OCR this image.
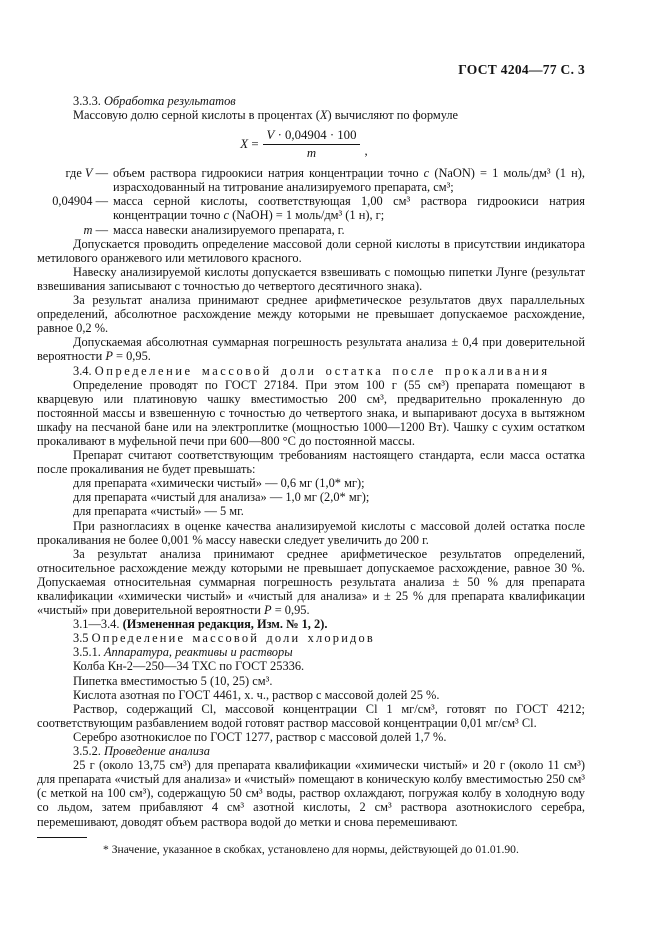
ГОСТ 4204—77 С. 3
3.3.3. Обработка результатов
Массовую долю серной кислоты в процентах (X) вычисляют по формуле
$X = \frac{V \cdot 0,04904 \cdot 100}{m}$ ,
где V — объем раствора гидроокиси натрия концентрации точно c (NaON) = 1 моль/дм³ (1 н), израсходованный на титрование анализируемого препарата, см³;
0,04904 — масса серной кислоты, соответствующая 1,00 см³ раствора гидроокиси натрия концентрации точно c (NaOH) = 1 моль/дм³ (1 н), г;
m — масса навески анализируемого препарата, г.
Допускается проводить определение массовой доли серной кислоты в присутствии индикатора метилового оранжевого или метилового красного.
Навеску анализируемой кислоты допускается взвешивать с помощью пипетки Лунге (результат взвешивания записывают с точностью до четвертого десятичного знака).
За результат анализа принимают среднее арифметическое результатов двух параллельных определений, абсолютное расхождение между которыми не превышает допускаемое расхождение, равное 0,2 %.
Допускаемая абсолютная суммарная погрешность результата анализа ± 0,4 при доверительной вероятности P = 0,95.
3.4. Определение массовой доли остатка после прокаливания
Определение проводят по ГОСТ 27184. При этом 100 г (55 см³) препарата помещают в кварцевую или платиновую чашку вместимостью 200 см³, предварительно прокаленную до постоянной массы и взвешенную с точностью до четвертого знака, и выпаривают досуха в вытяжном шкафу на песчаной бане или на электроплитке (мощностью 1000—1200 Вт). Чашку с сухим остатком прокаливают в муфельной печи при 600—800 °С до постоянной массы.
Препарат считают соответствующим требованиям настоящего стандарта, если масса остатка после прокаливания не будет превышать:
для препарата «химически чистый» — 0,6 мг (1,0* мг);
для препарата «чистый для анализа» — 1,0 мг (2,0* мг);
для препарата «чистый» — 5 мг.
При разногласиях в оценке качества анализируемой кислоты с массовой долей остатка после прокаливания не более 0,001 % массу навески следует увеличить до 200 г.
За результат анализа принимают среднее арифметическое результатов определений, относительное расхождение между которыми не превышает допускаемое расхождение, равное 30 %. Допускаемая относительная суммарная погрешность результата анализа ± 50 % для препарата квалификации «химически чистый» и «чистый для анализа» и ± 25 % для препарата квалификации «чистый» при доверительной вероятности P = 0,95.
3.1—3.4. (Измененная редакция, Изм. № 1, 2).
3.5 Определение массовой доли хлоридов
3.5.1. Аппаратура, реактивы и растворы
Колба Кн-2—250—34 ТХС по ГОСТ 25336.
Пипетка вместимостью 5 (10, 25) см³.
Кислота азотная по ГОСТ 4461, х. ч., раствор с массовой долей 25 %.
Раствор, содержащий Cl, массовой концентрации Cl 1 мг/см³, готовят по ГОСТ 4212; соответствующим разбавлением водой готовят раствор массовой концентрации 0,01 мг/см³ Cl.
Серебро азотнокислое по ГОСТ 1277, раствор с массовой долей 1,7 %.
3.5.2. Проведение анализа
25 г (около 13,75 см³) для препарата квалификации «химически чистый» и 20 г (около 11 см³) для препарата «чистый для анализа» и «чистый» помещают в коническую колбу вместимостью 250 см³ (с меткой на 100 см³), содержащую 50 см³ воды, раствор охлаждают, погружая колбу в холодную воду со льдом, затем прибавляют 4 см³ азотной кислоты, 2 см³ раствора азотнокислого серебра, перемешивают, доводят объем раствора водой до метки и снова перемешивают.
* Значение, указанное в скобках, установлено для нормы, действующей до 01.01.90.
